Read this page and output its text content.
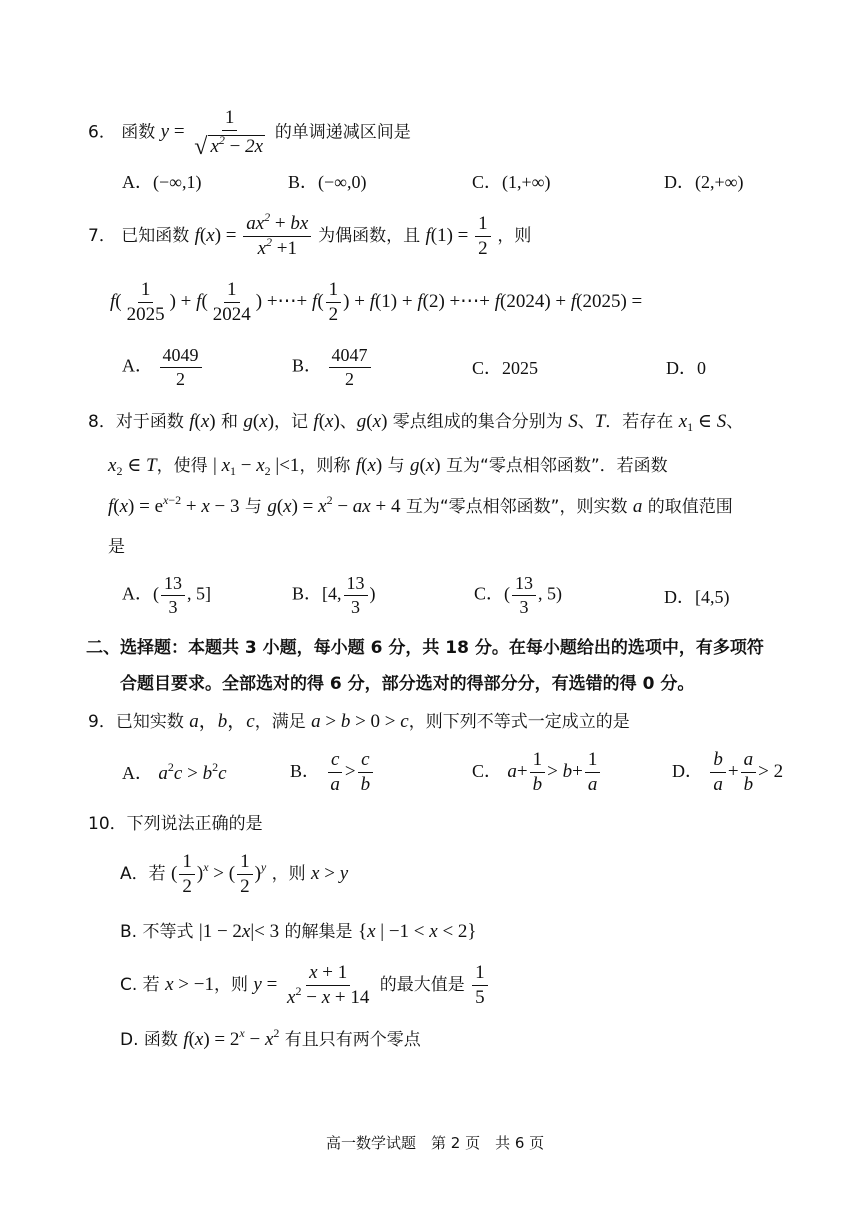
6． 函数 $y = \frac{1}{√ x^2 - 2x}$ 的单调递减区间是
A．(−∞,1)	B．(−∞,0)	C．(1,+∞)	D．(2,+∞)
7． 已知函数 $f(x) = \frac{ax^2 + bx}{x^2 +1}$ 为偶函数，且 $f(1) = \frac{1}{2}$ ，则
$f( \frac{1}{2025}$ ) + $f( \frac{1}{2024}$ ) +⋯+ $f( \frac{1}{2}$ ) + f(1) + f(2) +⋯+ f(2024) + f(2025) =
A． $\frac{4049}{2}$	B． $\frac{4047}{2}$	C．2025	D．0
8．对于函数 f(x) 和 g(x)，记 f(x)、g(x) 零点组成的集合分别为 S、T．若存在 $x_1$ ∈ S、
$x_2$ ∈ T，使得 | $x_1 - x_2$ |<1，则称 f(x) 与 g(x) 互为“零点相邻函数”．若函数
$f(x) = e^{x-2} + x - 3$ 与 $g(x) = x^2$ − ax + 4 互为“零点相邻函数”，则实数 a 的取值范围
是
A．( $\frac{13}{3}$ , 5]	B．[4, $\frac{13}{3}$ )	C．( $\frac{13}{3}$ , 5)	D．[4,5)
二、选择题：本题共 3 小题，每小题 6 分，共 18 分。在每小题给出的选项中，有多项符
合题目要求。全部选对的得 6 分，部分选对的得部分分，有选错的得 0 分。
9．已知实数 a，b，c，满足 a > b > 0 > c，则下列不等式一定成立的是
A． $a^2c > b^2c$	B． $\frac{c}{a} > \frac{c}{b}$	C． $a+ \frac{1}{b} > b+ \frac{1}{a}$	D． $\frac{b}{a} + \frac{a}{b} > 2$
10．下列说法正确的是
A．若 ( $\frac{1}{2} )^x$ > ( $\frac{1}{2} )^y$ ，则 x > y
B. 不等式 |1 − 2x|< 3 的解集是 {x | −1 < x < 2}
C. 若 x > −1，则 $y = \frac{x + 1}{x^2 - x + 14}$ 的最大值是 $\frac{1}{5}$
D. 函数 $f(x) = 2^x - x^2$ 有且只有两个零点
高一数学试题　第 2 页　共 6 页
